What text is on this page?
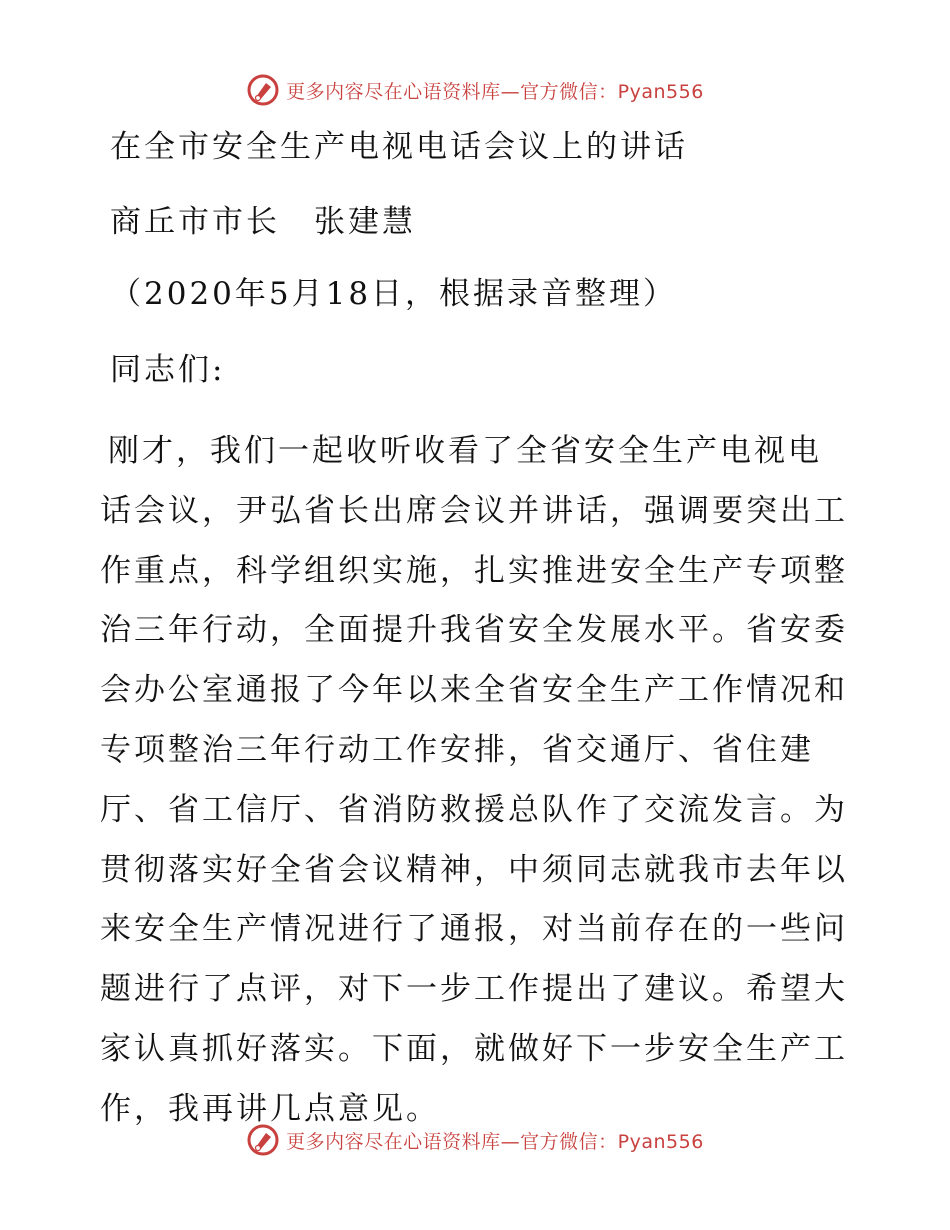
更多内容尽在心语资料库—官方微信：Pyan556
在全市安全生产电视电话会议上的讲话
商丘市市长　张建慧
（2020年5月18日，根据录音整理）
同志们:
刚才，我们一起收听收看了全省安全生产电视电
话会议，尹弘省长出席会议并讲话，强调要突出工
作重点，科学组织实施，扎实推进安全生产专项整
治三年行动，全面提升我省安全发展水平。省安委
会办公室通报了今年以来全省安全生产工作情况和
专项整治三年行动工作安排，省交通厅、省住建
厅、省工信厅、省消防救援总队作了交流发言。为
贯彻落实好全省会议精神，中须同志就我市去年以
来安全生产情况进行了通报，对当前存在的一些问
题进行了点评，对下一步工作提出了建议。希望大
家认真抓好落实。下面，就做好下一步安全生产工
作，我再讲几点意见。
更多内容尽在心语资料库—官方微信：Pyan556
